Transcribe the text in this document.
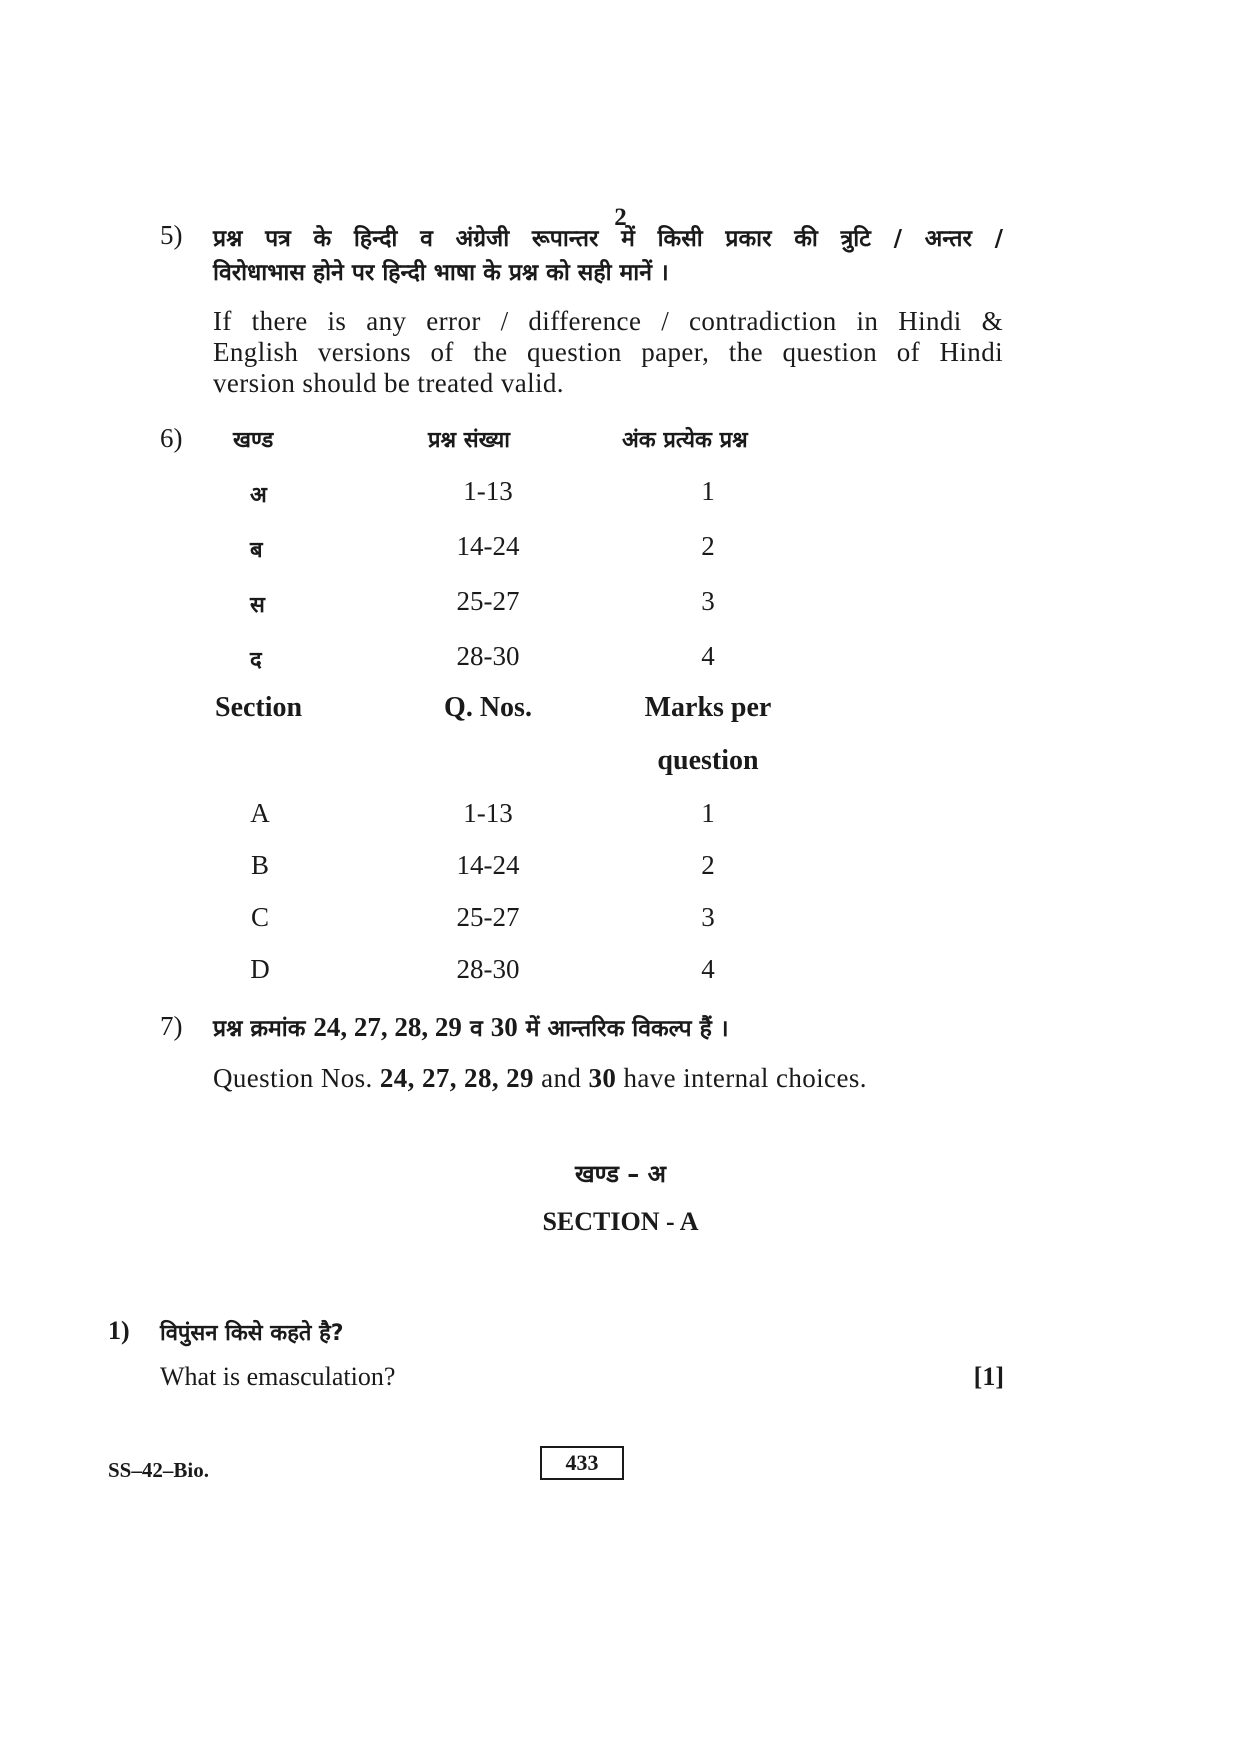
2
5) प्रश्न पत्र के हिन्दी व अंग्रेजी रूपान्तर में किसी प्रकार की त्रुटि / अन्तर /
विरोधाभास होने पर हिन्दी भाषा के प्रश्न को सही मानें ।
If there is any error / difference / contradiction in Hindi &
English versions of the question paper, the question of Hindi
version should be treated valid.
6) खण्ड	प्रश्न संख्या	अंक प्रत्येक प्रश्न
अ	1-13	1
ब	14-24	2
स	25-27	3
द	28-30	4
Section	Q. Nos.	Marks per
question
A	1-13	1
B	14-24	2
C	25-27	3
D	28-30	4
7) प्रश्न क्रमांक 24, 27, 28, 29 व 30 में आन्तरिक विकल्प हैं ।
Question Nos. 24, 27, 28, 29 and 30 have internal choices.
खण्ड – अ
SECTION - A
1) विपुंसन किसे कहते है?
What is emasculation?	[1]
SS–42–Bio.	433
